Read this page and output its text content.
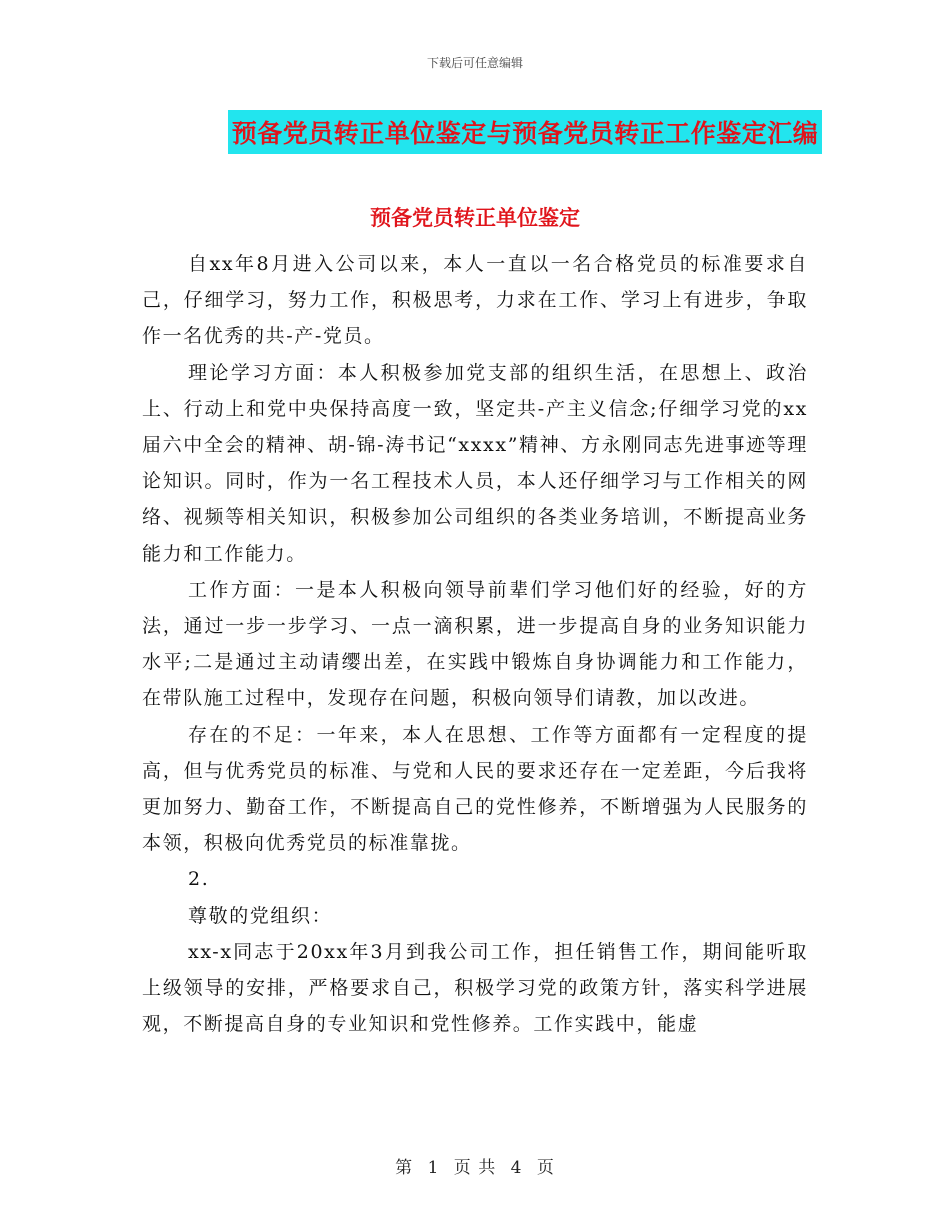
下载后可任意编辑
预备党员转正单位鉴定与预备党员转正工作鉴定汇编
预备党员转正单位鉴定

自xx年8月进入公司以来，本人一直以一名合格党员的标准要求自己，仔细学习，努力工作，积极思考，力求在工作、学习上有进步，争取作一名优秀的共-产-党员。

理论学习方面：本人积极参加党支部的组织生活，在思想上、政治上、行动上和党中央保持高度一致，坚定共-产主义信念;仔细学习党的xx届六中全会的精神、胡-锦-涛书记“xxxx”精神、方永刚同志先进事迹等理论知识。同时，作为一名工程技术人员，本人还仔细学习与工作相关的网络、视频等相关知识，积极参加公司组织的各类业务培训，不断提高业务能力和工作能力。

工作方面：一是本人积极向领导前辈们学习他们好的经验，好的方法，通过一步一步学习、一点一滴积累，进一步提高自身的业务知识能力水平;二是通过主动请缨出差，在实践中锻炼自身协调能力和工作能力，在带队施工过程中，发现存在问题，积极向领导们请教，加以改进。

存在的不足：一年来，本人在思想、工作等方面都有一定程度的提高，但与优秀党员的标准、与党和人民的要求还存在一定差距，今后我将更加努力、勤奋工作，不断提高自己的党性修养，不断增强为人民服务的本领，积极向优秀党员的标准靠拢。

2.

尊敬的党组织：

xx-x同志于20xx年3月到我公司工作，担任销售工作，期间能听取上级领导的安排，严格要求自己，积极学习党的政策方针，落实科学进展观，不断提高自身的专业知识和党性修养。工作实践中，能虚

第 1 页 共 4 页
